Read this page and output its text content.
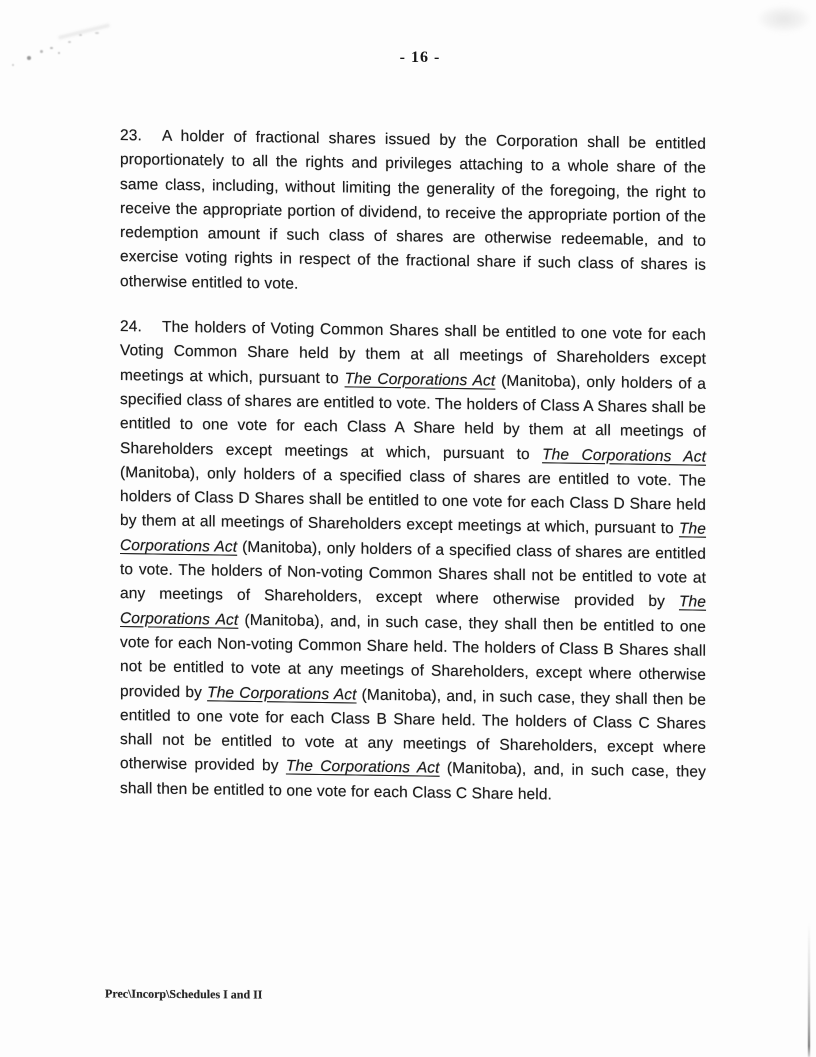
- 16 -
23. A holder of fractional shares issued by the Corporation shall be entitled proportionately to all the rights and privileges attaching to a whole share of the same class, including, without limiting the generality of the foregoing, the right to receive the appropriate portion of dividend, to receive the appropriate portion of the redemption amount if such class of shares are otherwise redeemable, and to exercise voting rights in respect of the fractional share if such class of shares is otherwise entitled to vote.
24. The holders of Voting Common Shares shall be entitled to one vote for each Voting Common Share held by them at all meetings of Shareholders except meetings at which, pursuant to The Corporations Act (Manitoba), only holders of a specified class of shares are entitled to vote. The holders of Class A Shares shall be entitled to one vote for each Class A Share held by them at all meetings of Shareholders except meetings at which, pursuant to The Corporations Act (Manitoba), only holders of a specified class of shares are entitled to vote. The holders of Class D Shares shall be entitled to one vote for each Class D Share held by them at all meetings of Shareholders except meetings at which, pursuant to The Corporations Act (Manitoba), only holders of a specified class of shares are entitled to vote. The holders of Non-voting Common Shares shall not be entitled to vote at any meetings of Shareholders, except where otherwise provided by The Corporations Act (Manitoba), and, in such case, they shall then be entitled to one vote for each Non-voting Common Share held. The holders of Class B Shares shall not be entitled to vote at any meetings of Shareholders, except where otherwise provided by The Corporations Act (Manitoba), and, in such case, they shall then be entitled to one vote for each Class B Share held. The holders of Class C Shares shall not be entitled to vote at any meetings of Shareholders, except where otherwise provided by The Corporations Act (Manitoba), and, in such case, they shall then be entitled to one vote for each Class C Share held.
Prec\Incorp\Schedules I and II
